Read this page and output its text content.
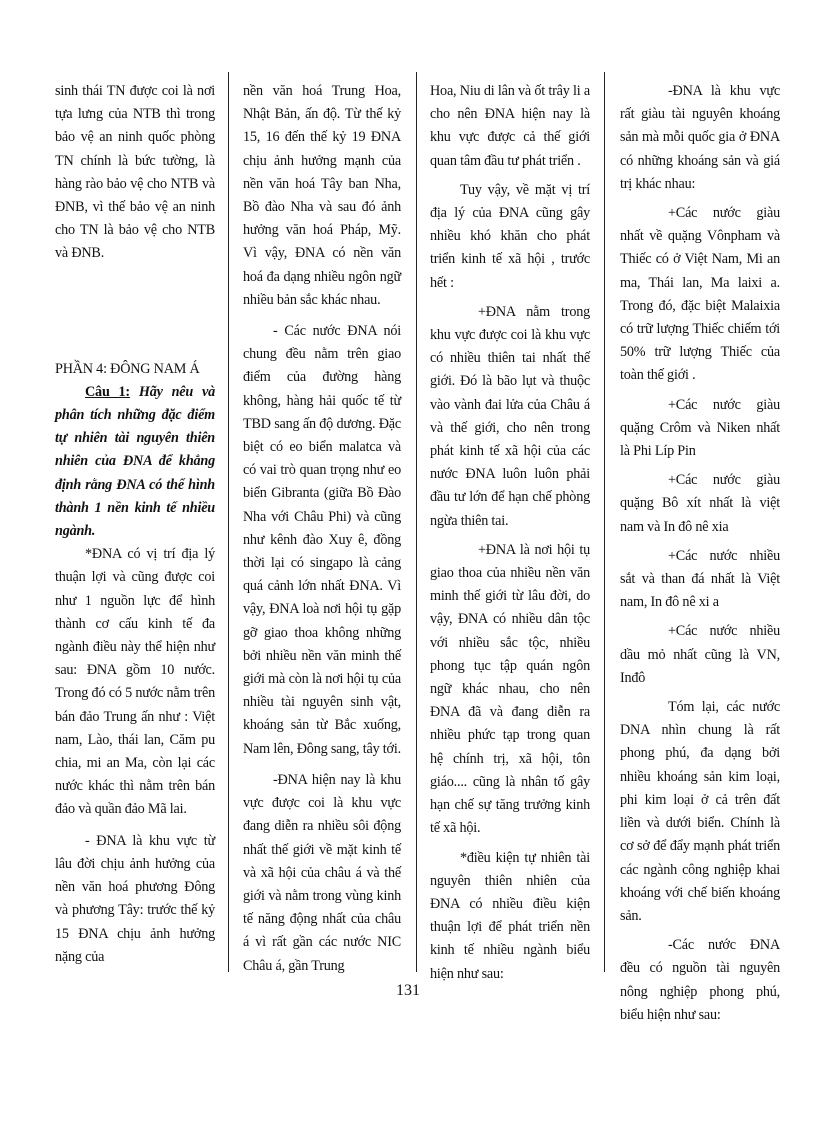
sinh thái TN được coi là nơi tựa lưng của NTB thì trong bảo vệ an ninh quốc phòng TN chính là bức tường, là hàng rào bảo vệ cho NTB và ĐNB, vì thế bảo vệ an ninh cho TN là bảo vệ cho NTB và ĐNB.

PHẦN 4: ĐÔNG NAM Á

Câu 1: Hãy nêu và phân tích những đặc điểm tự nhiên tài nguyên thiên nhiên của ĐNA để khẳng định rằng ĐNA có thể hình thành 1 nền kinh tế nhiều ngành.

*ĐNA có vị trí địa lý thuận lợi và cũng được coi như 1 nguồn lực để hình thành cơ cấu kinh tế đa ngành điều này thể hiện như sau: ĐNA gồm 10 nước. Trong đó có 5 nước nằm trên bán đảo Trung ấn như : Việt nam, Lào, thái lan, Căm pu chia, mi an Ma, còn lại các nước khác thì nằm trên bán đảo và quần đảo Mã lai.

- ĐNA là khu vực từ lâu đời chịu ảnh hưởng của nền văn hoá phương Đông và phương Tây: trước thế kỷ 15 ĐNA chịu ảnh hưởng nặng của

nền văn hoá Trung Hoa, Nhật Bản, ấn độ. Từ thế kỷ 15, 16 đến thế kỷ 19 ĐNA chịu ảnh hưởng mạnh của nền văn hoá Tây ban Nha, Bồ đào Nha và sau đó ảnh hưởng văn hoá Pháp, Mỹ. Vì vậy, ĐNA có nền văn hoá đa dạng nhiều ngôn ngữ nhiều bản sắc khác nhau.

- Các nước ĐNA nói chung đều nằm trên giao điểm của đường hàng không, hàng hải quốc tế từ TBD sang ấn độ dương. Đặc biệt có eo biển malatca và có vai trò quan trọng như eo biển Gibranta (giữa Bồ Đào Nha với Châu Phi) và cũng như kênh đào Xuy ê, đồng thời lại có singapo là cảng quá cảnh lớn nhất ĐNA. Vì vậy, ĐNA loà nơi hội tụ gặp gỡ giao thoa không những bởi nhiều nền văn minh thế giới mà còn là nơi hội tụ của nhiều tài nguyên sinh vật, khoáng sản từ Bắc xuống, Nam lên, Đông sang, tây tới.

-ĐNA hiện nay là khu vực được coi là khu vực đang diễn ra nhiều sôi động nhất thế giới về mặt kinh tế và xã hội của châu á và thế giới và nằm trong vùng kinh tế năng động nhất của châu á vì rất gần các nước NIC Châu á, gần Trung

Hoa, Niu di lân và ốt trây li a cho nên ĐNA hiện nay là khu vực được cả thế giới quan tâm đầu tư phát triển .

Tuy vậy, về mặt vị trí địa lý của ĐNA cũng gây nhiều khó khăn cho phát triển kinh tế xã hội , trước hết :

+ĐNA nằm trong khu vực được coi là khu vực có nhiều thiên tai nhất thế giới. Đó là bão lụt và thuộc vào vành đai lửa của Châu á và thế giới, cho nên trong phát kinh tế xã hội của các nước ĐNA luôn luôn phải đầu tư lớn để hạn chế phòng ngừa thiên tai.

+ĐNA là nơi hội tụ giao thoa của nhiều nền văn minh thế giới từ lâu đời, do vậy, ĐNA có nhiều dân tộc với nhiều sắc tộc, nhiều phong tục tập quán ngôn ngữ khác nhau, cho nên ĐNA đã và đang diễn ra nhiều phức tạp trong quan hệ chính trị, xã hội, tôn giáo.... cũng là nhân tố gây hạn chế sự tăng trưởng kinh tế xã hội.

*điều kiện tự nhiên tài nguyên thiên nhiên của ĐNA có nhiều điều kiện thuận lợi để phát triển nền kinh tế nhiều ngành biểu hiện như sau:

-ĐNA là khu vực rất giàu tài nguyên khoáng sản mà mỗi quốc gia ở ĐNA có những khoáng sản và giá trị khác nhau:

+Các nước giàu nhất về quặng Vônpham và Thiếc có ở Việt Nam, Mi an ma, Thái lan, Ma laixi a. Trong đó, đặc biệt Malaixia có trữ lượng Thiếc chiếm tới 50% trữ lượng Thiếc của toàn thế giới .

+Các nước giàu quặng Crôm và Niken nhất là Phi Líp Pin

+Các nước giàu quặng Bô xít nhất là việt nam và In đô nê xia

+Các nước nhiều sắt và than đá nhất là Việt nam, In đô nê xi a

+Các nước nhiều dầu mỏ nhất cũng là VN, Inđô

Tóm lại, các nước DNA nhìn chung là rất phong phú, đa dạng bởi nhiều khoáng sản kim loại, phi kim loại ở cả trên đất liền và dưới biển. Chính là cơ sở để đẩy mạnh phát triển các ngành công nghiệp khai khoáng với chế biến khoáng sản.

-Các nước ĐNA đều có nguồn tài nguyên nông nghiệp phong phú, biểu hiện như sau:

131
